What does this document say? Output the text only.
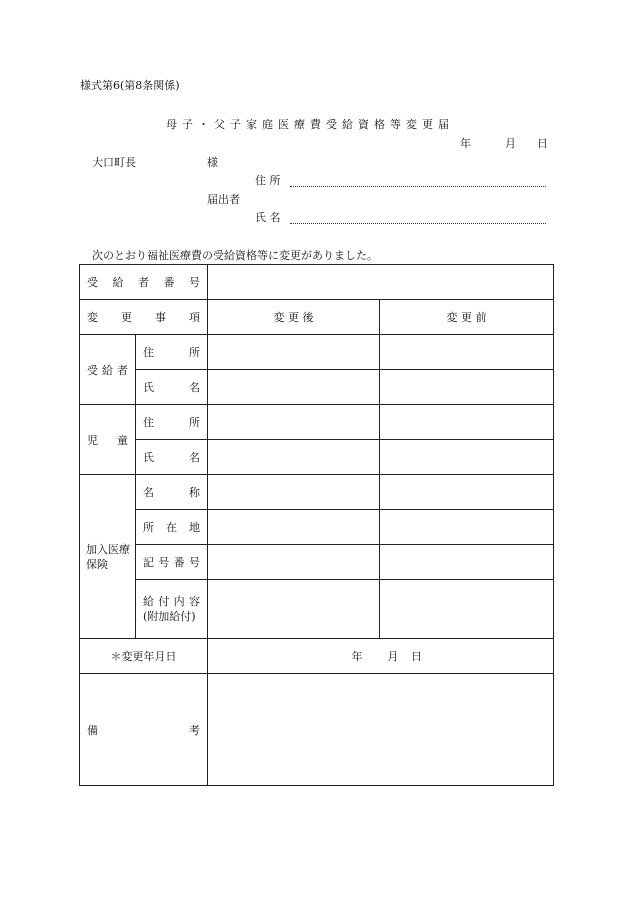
様式第6(第8条関係)
母子・父子家庭医療費受給資格等変更届
年	月 日
大口町長	様
住 所
届出者
氏 名
次のとおり福祉医療費の受給資格等に変更がありました。
受 給 者 番 号			
変 更 事 項		変 更 後	変 更 前
受給者	住 所		
	氏 名		
児 童	住 所		
	氏 名		

加入医療
保険	名 称		
	所 在 地		
	記 号 番 号		

	給 付 内 容
(附加給付)		

＊変更年月日		年 月 日	
備 考			
